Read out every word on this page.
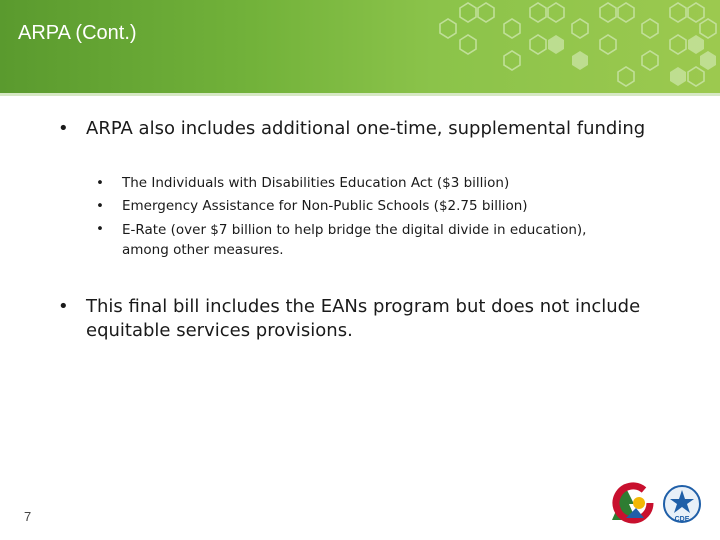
ARPA (Cont.)
• ARPA also includes additional one-time, supplemental funding
• The Individuals with Disabilities Education Act ($3 billion)
• Emergency Assistance for Non-Public Schools ($2.75 billion)
• E-Rate (over $7 billion to help bridge the digital divide in education), among other measures.
• This final bill includes the EANs program but does not include equitable services provisions.
7	CDE
